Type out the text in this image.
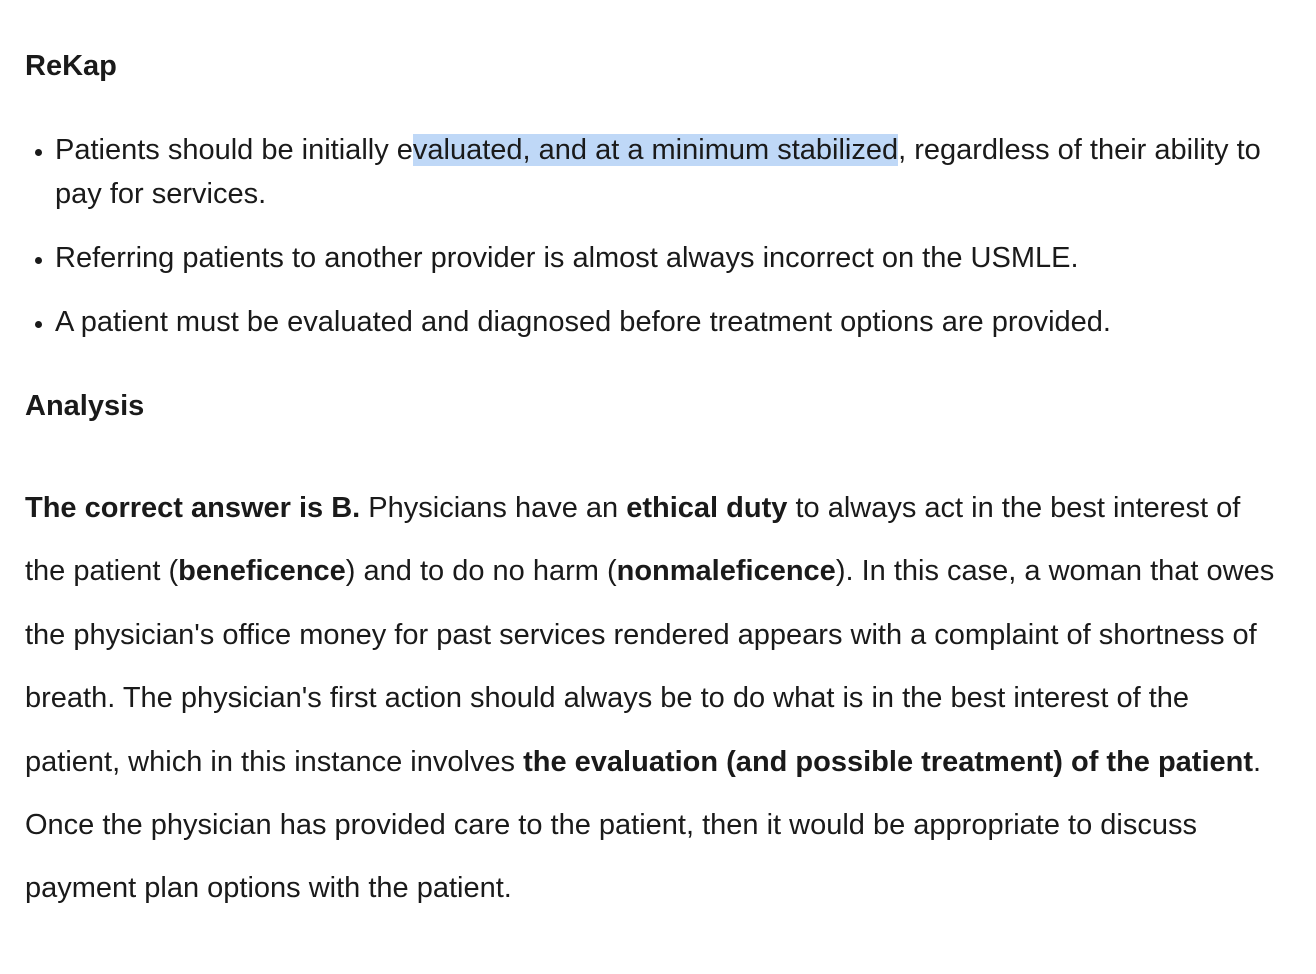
ReKap
• Patients should be initially evaluated, and at a minimum stabilized, regardless of their ability to pay for services.
• Referring patients to another provider is almost always incorrect on the USMLE.
• A patient must be evaluated and diagnosed before treatment options are provided.
Analysis

The correct answer is B. Physicians have an ethical duty to always act in the best interest of the patient (beneficence) and to do no harm (nonmaleficence). In this case, a woman that owes the physician's office money for past services rendered appears with a complaint of shortness of breath. The physician's first action should always be to do what is in the best interest of the patient, which in this instance involves the evaluation (and possible treatment) of the patient. Once the physician has provided care to the patient, then it would be appropriate to discuss payment plan options with the patient.
